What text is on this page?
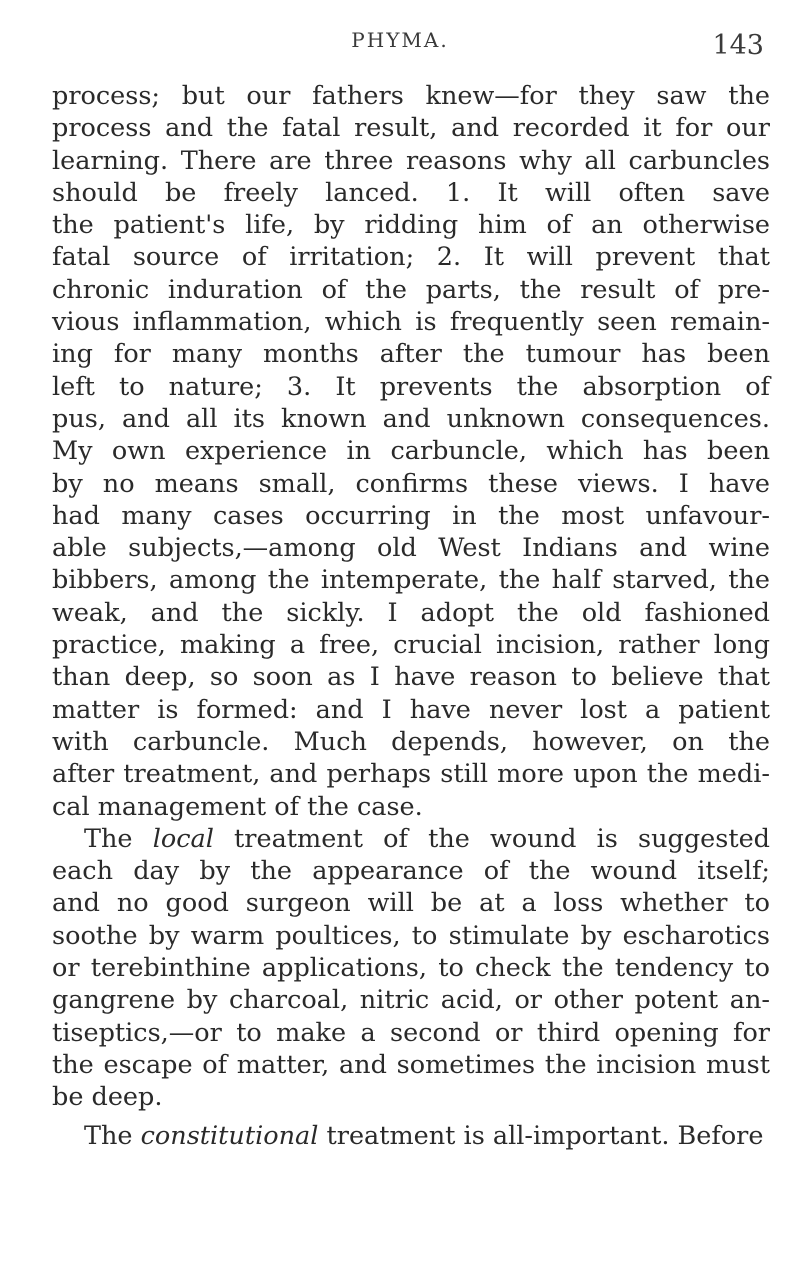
PHYMA.	143
process; but our fathers knew—for they saw the
process and the fatal result, and recorded it for our
learning. There are three reasons why all carbuncles
should be freely lanced. 1. It will often save
the patient's life, by ridding him of an otherwise
fatal source of irritation; 2. It will prevent that
chronic induration of the parts, the result of pre-
vious inflammation, which is frequently seen remain-
ing for many months after the tumour has been
left to nature; 3. It prevents the absorption of
pus, and all its known and unknown consequences.
My own experience in carbuncle, which has been
by no means small, confirms these views. I have
had many cases occurring in the most unfavour-
able subjects,—among old West Indians and wine
bibbers, among the intemperate, the half starved, the
weak, and the sickly. I adopt the old fashioned
practice, making a free, crucial incision, rather long
than deep, so soon as I have reason to believe that
matter is formed: and I have never lost a patient
with carbuncle. Much depends, however, on the
after treatment, and perhaps still more upon the medi-
cal management of the case.
The local treatment of the wound is suggested
each day by the appearance of the wound itself;
and no good surgeon will be at a loss whether to
soothe by warm poultices, to stimulate by escharotics
or terebinthine applications, to check the tendency to
gangrene by charcoal, nitric acid, or other potent an-
tiseptics,—or to make a second or third opening for
the escape of matter, and sometimes the incision must
be deep.
The constitutional treatment is all-important. Before
